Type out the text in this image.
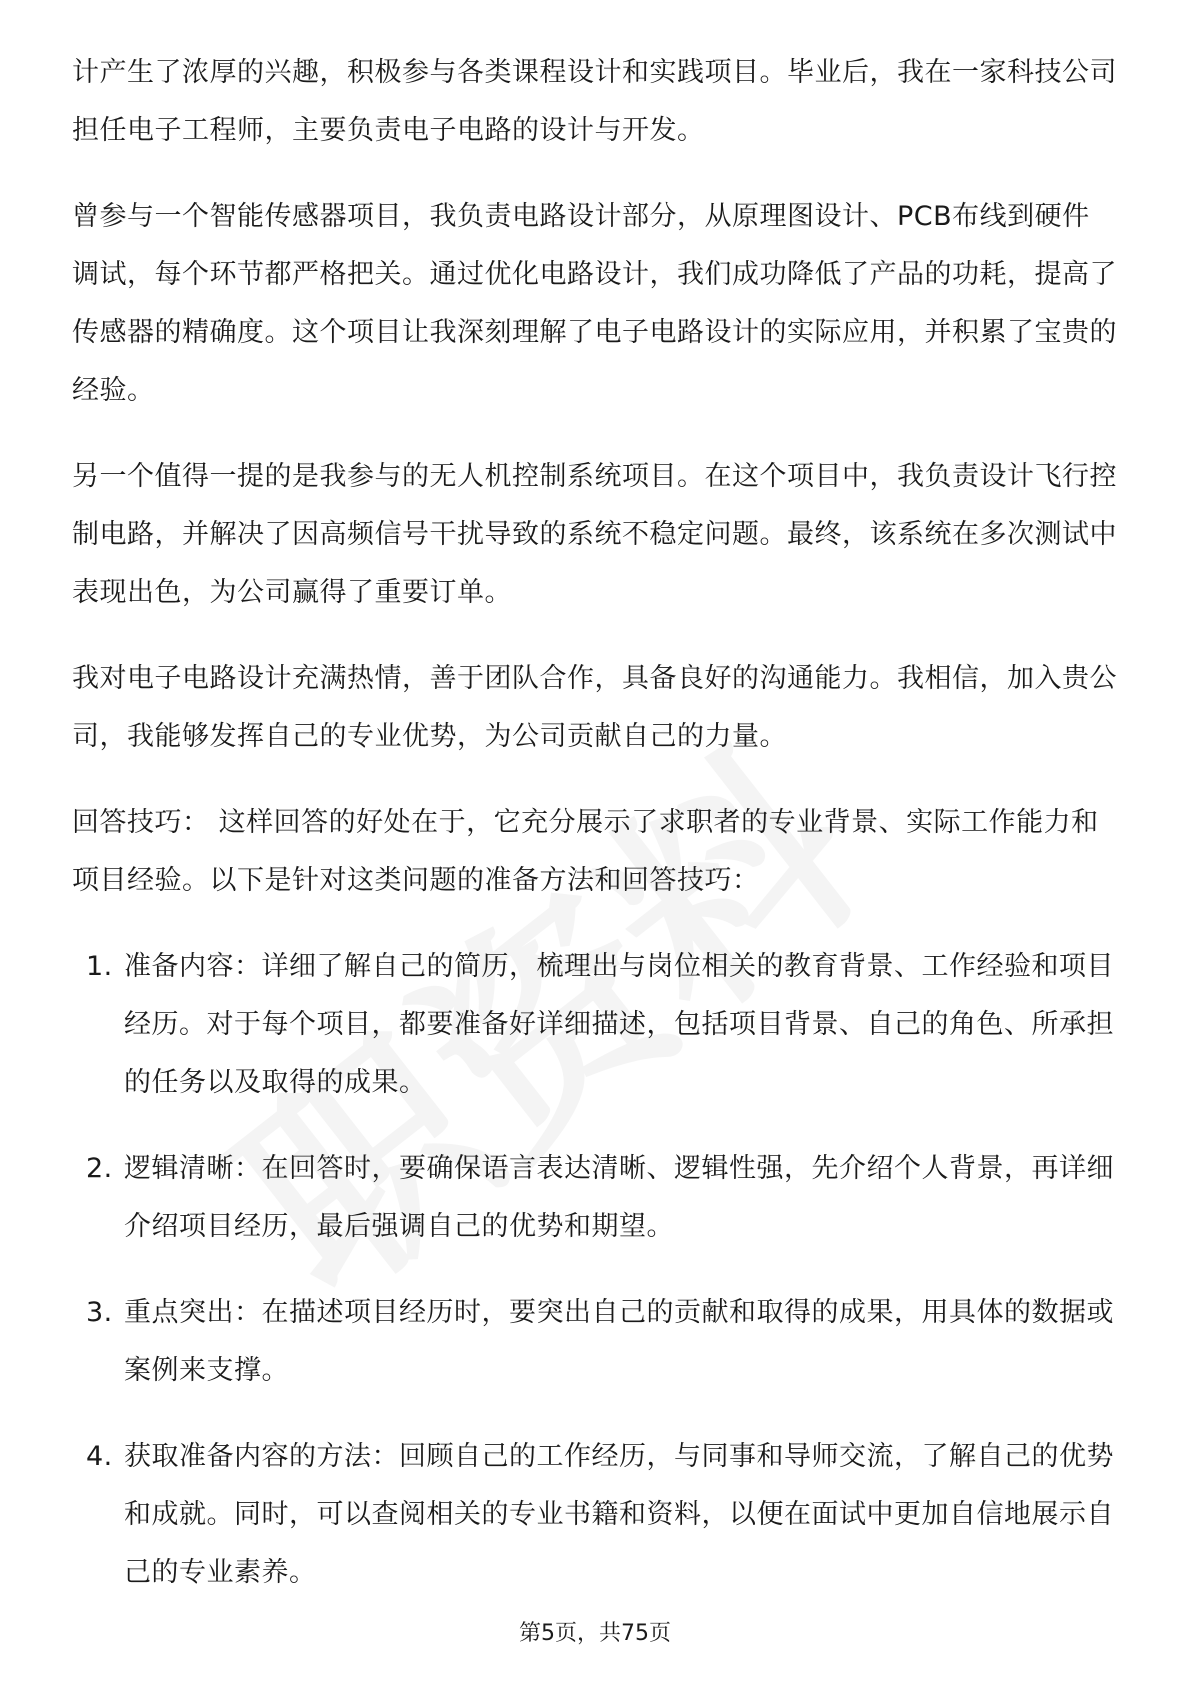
计产生了浓厚的兴趣，积极参与各类课程设计和实践项目。毕业后，我在一家科技公司担任电子工程师，主要负责电子电路的设计与开发。

曾参与一个智能传感器项目，我负责电路设计部分，从原理图设计、PCB布线到硬件调试，每个环节都严格把关。通过优化电路设计，我们成功降低了产品的功耗，提高了传感器的精确度。这个项目让我深刻理解了电子电路设计的实际应用，并积累了宝贵的经验。

另一个值得一提的是我参与的无人机控制系统项目。在这个项目中，我负责设计飞行控制电路，并解决了因高频信号干扰导致的系统不稳定问题。最终，该系统在多次测试中表现出色，为公司赢得了重要订单。

我对电子电路设计充满热情，善于团队合作，具备良好的沟通能力。我相信，加入贵公司，我能够发挥自己的专业优势，为公司贡献自己的力量。

回答技巧： 这样回答的好处在于，它充分展示了求职者的专业背景、实际工作能力和项目经验。以下是针对这类问题的准备方法和回答技巧：

1. 准备内容：详细了解自己的简历，梳理出与岗位相关的教育背景、工作经验和项目经历。对于每个项目，都要准备好详细描述，包括项目背景、自己的角色、所承担的任务以及取得的成果。
2. 逻辑清晰：在回答时，要确保语言表达清晰、逻辑性强，先介绍个人背景，再详细介绍项目经历，最后强调自己的优势和期望。
3. 重点突出：在描述项目经历时，要突出自己的贡献和取得的成果，用具体的数据或案例来支撑。
4. 获取准备内容的方法：回顾自己的工作经历，与同事和导师交流，了解自己的优势和成就。同时，可以查阅相关的专业书籍和资料，以便在面试中更加自信地展示自己的专业素养。
第5页，共75页
